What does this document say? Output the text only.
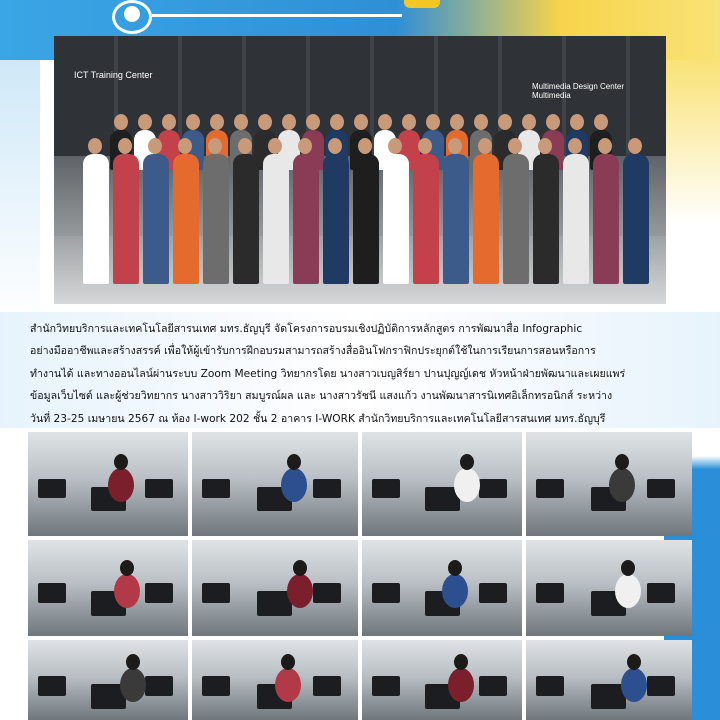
ICT Training Center
Multimedia Design Center
Multimedia
สำนักวิทยบริการและเทคโนโลยีสารนเทศ มทร.ธัญบุรี จัดโครงการอบรมเชิงปฏิบัติการหลักสูตร การพัฒนาสื่อ Infographic
อย่างมืออาชีพและสร้างสรรค์ เพื่อให้ผู้เข้ารับการฝึกอบรมสามารถสร้างสื่ออินโฟกราฟิกประยุกต์ใช้ในการเรียนการสอนหรือการ
ทำงานได้ และทางออนไลน์ผ่านระบบ Zoom Meeting วิทยากรโดย นางสาวเบญสิร์ยา ปานปุญญ์เดช หัวหน้าฝ่ายพัฒนาและเผยแพร่
ข้อมูลเว็บไซต์ และผู้ช่วยวิทยากร นางสาววิริยา สมบูรณ์ผล และ นางสาวรัชนี แสงแก้ว งานพัฒนาสารนิเทศอิเล็กทรอนิกส์ ระหว่าง
วันที่ 23-25 เมษายน 2567 ณ ห้อง I-work 202 ชั้น 2 อาคาร I-WORK สำนักวิทยบริการและเทคโนโลยีสารสนเทศ มทร.ธัญบุรี
